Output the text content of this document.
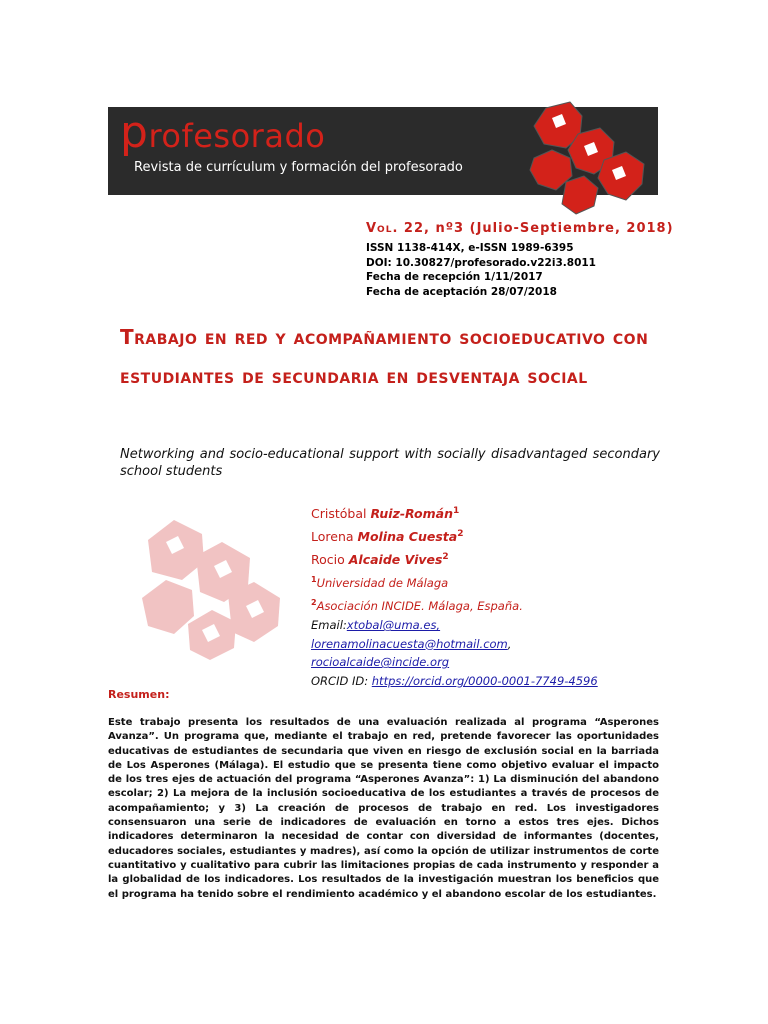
profesorado

Revista de currículum y formación del profesorado

Vol. 22, nº3 (Julio-Septiembre, 2018)

ISSN 1138-414X, e-ISSN 1989-6395

DOI: 10.30827/profesorado.v22i3.8011

Fecha de recepción 1/11/2017

Fecha de aceptación 28/07/2018

Trabajo en red y acompañamiento socioeducativo con estudiantes de secundaria en desventaja social

Networking and socio-educational support with socially disadvantaged secondary school students

Cristóbal Ruiz-Román$^1$

Lorena Molina Cuesta$^2$

Rocio Alcaide Vives$^2$

$^1$Universidad de Málaga

$^2$Asociación INCIDE. Málaga, España.

Email:xtobal@uma.es,

lorenamolinacuesta@hotmail.com,

rocioalcaide@incide.org

ORCID ID: https://orcid.org/0000-0001-7749-4596

Resumen:

Este trabajo presenta los resultados de una evaluación realizada al programa “Asperones Avanza”. Un programa que, mediante el trabajo en red, pretende favorecer las oportunidades educativas de estudiantes de secundaria que viven en riesgo de exclusión social en la barriada de Los Asperones (Málaga). El estudio que se presenta tiene como objetivo evaluar el impacto de los tres ejes de actuación del programa “Asperones Avanza”: 1) La disminución del abandono escolar; 2) La mejora de la inclusión socioeducativa de los estudiantes a través de procesos de acompañamiento; y 3) La creación de procesos de trabajo en red. Los investigadores consensuaron una serie de indicadores de evaluación en torno a estos tres ejes. Dichos indicadores determinaron la necesidad de contar con diversidad de informantes (docentes, educadores sociales, estudiantes y madres), así como la opción de utilizar instrumentos de corte cuantitativo y cualitativo para cubrir las limitaciones propias de cada instrumento y responder a la globalidad de los indicadores. Los resultados de la investigación muestran los beneficios que el programa ha tenido sobre el rendimiento académico y el abandono escolar de los estudiantes.
